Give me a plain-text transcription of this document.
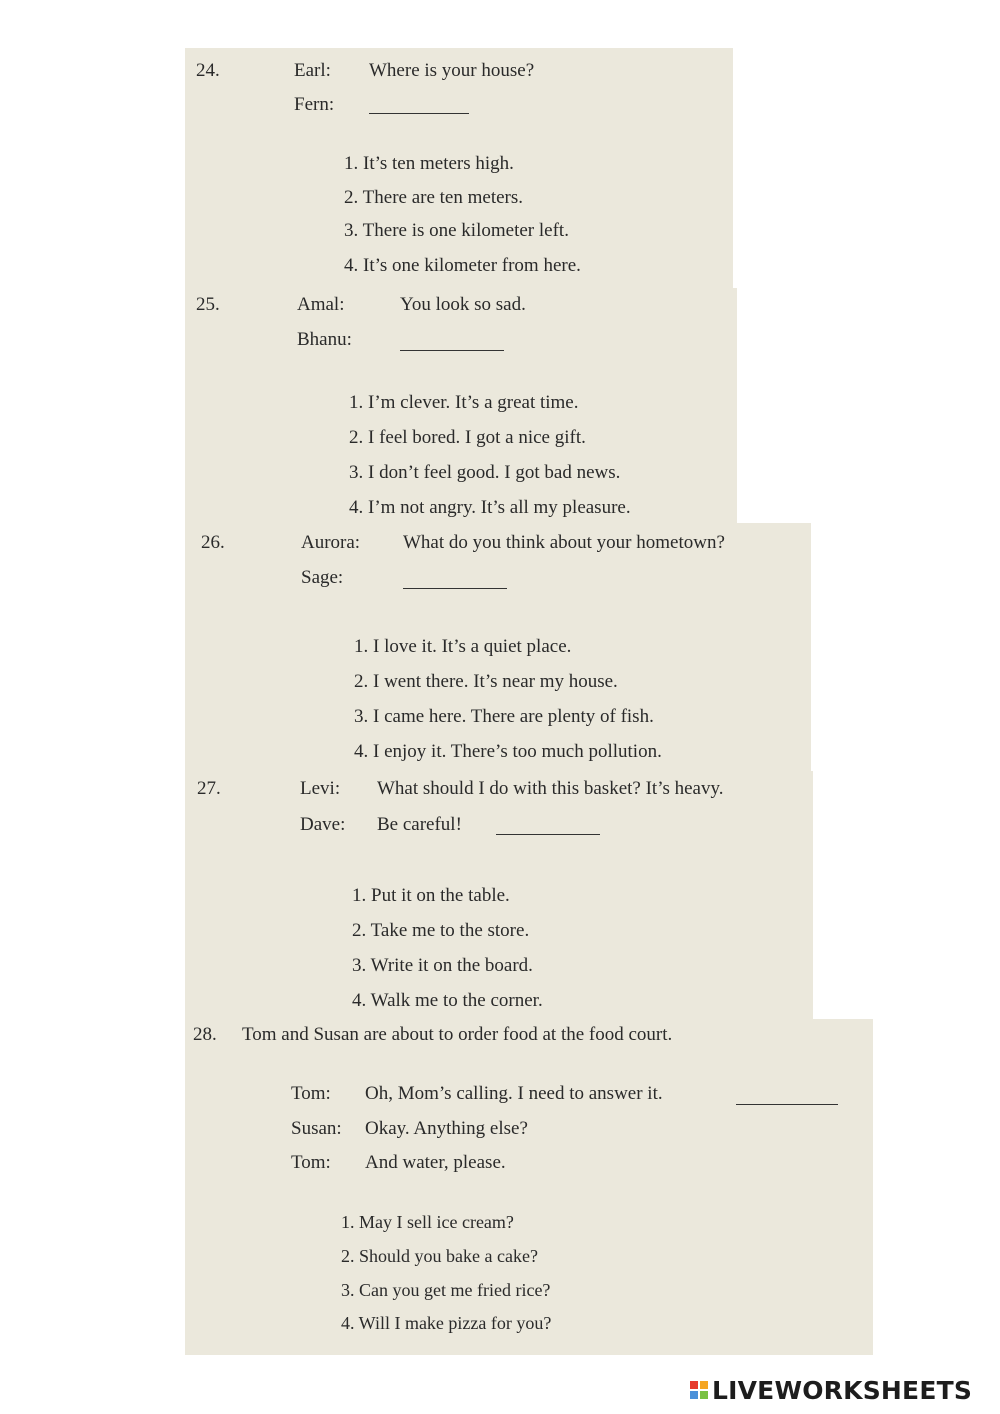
24.	Earl: Where is your house?
Fern:
1. It’s ten meters high.
2. There are ten meters.
3. There is one kilometer left.
4. It’s one kilometer from here.
25.	Amal:	You look so sad.
Bhanu:
1. I’m clever. It’s a great time.
2. I feel bored. I got a nice gift.
3. I don’t feel good. I got bad news.
4. I’m not angry. It’s all my pleasure.
26.	Aurora: What do you think about your hometown?
Sage:
1. I love it. It’s a quiet place.
2. I went there. It’s near my house.
3. I came here. There are plenty of fish.
4. I enjoy it. There’s too much pollution.
27.	Levi: What should I do with this basket? It’s heavy.
Dave: Be careful!
1. Put it on the table.
2. Take me to the store.
3. Write it on the board.
4. Walk me to the corner.
28. Tom and Susan are about to order food at the food court.
Tom: Oh, Mom’s calling. I need to answer it.
Susan: Okay. Anything else?
Tom: And water, please.
1. May I sell ice cream?
2. Should you bake a cake?
3. Can you get me fried rice?
4. Will I make pizza for you?
LIVEWORKSHEETS
